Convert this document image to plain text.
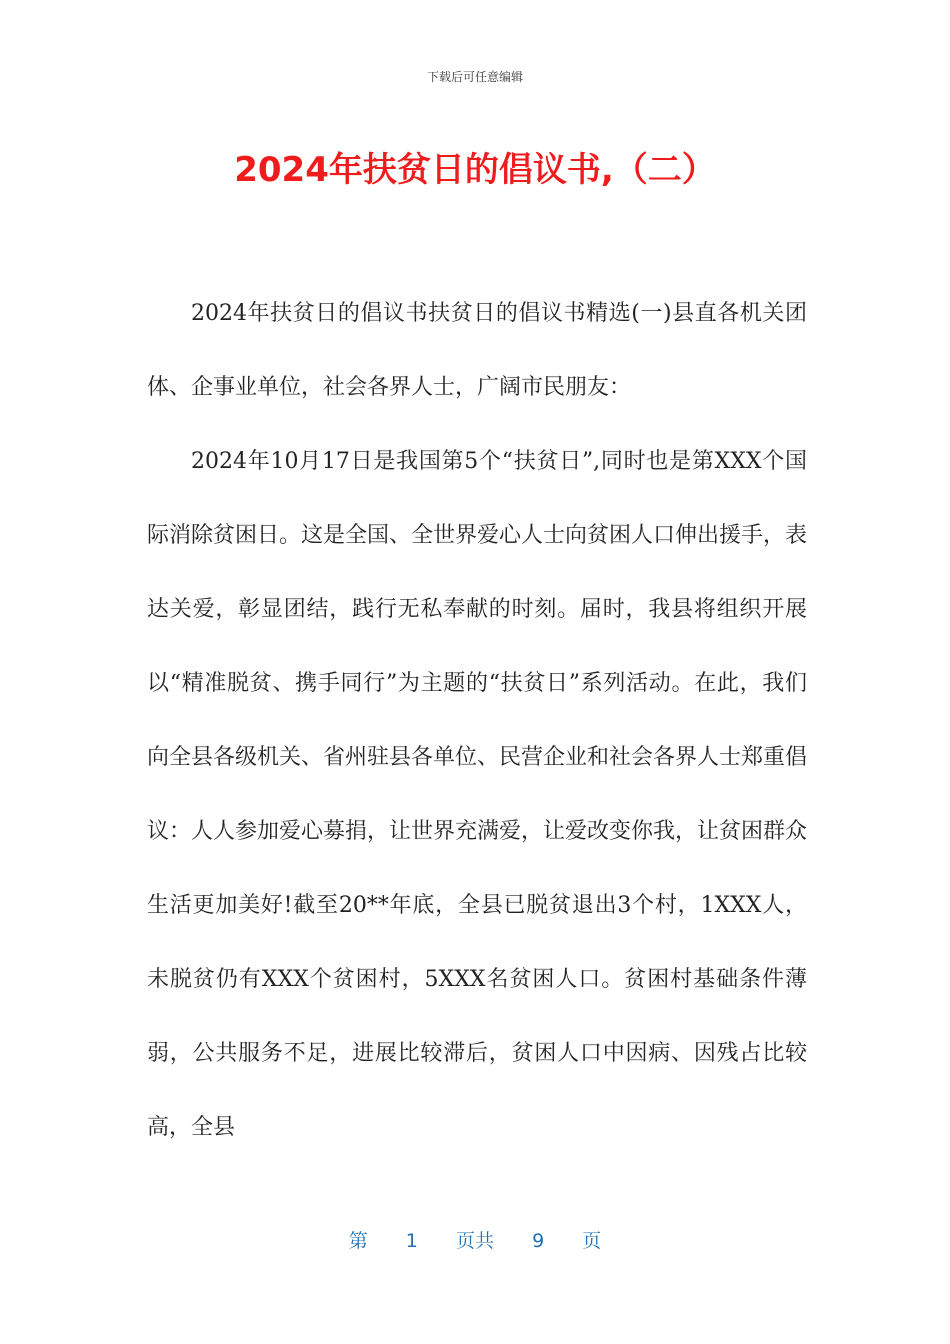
下载后可任意编辑
2024年扶贫日的倡议书,（二）

2024年扶贫日的倡议书扶贫日的倡议书精选(一)县直各机关团体、企事业单位，社会各界人士，广阔市民朋友：

2024年10月17日是我国第5个“扶贫日”,同时也是第XXX个国际消除贫困日。这是全国、全世界爱心人士向贫困人口伸出援手，表达关爱，彰显团结，践行无私奉献的时刻。届时，我县将组织开展以“精准脱贫、携手同行”为主题的“扶贫日”系列活动。在此，我们向全县各级机关、省州驻县各单位、民营企业和社会各界人士郑重倡议：人人参加爱心募捐，让世界充满爱，让爱改变你我，让贫困群众生活更加美好!截至20**年底，全县已脱贫退出3个村，1XXX人，未脱贫仍有XXX个贫困村，5XXX名贫困人口。贫困村基础条件薄弱，公共服务不足，进展比较滞后，贫困人口中因病、因残占比较高，全县

第 1 页共 9 页
